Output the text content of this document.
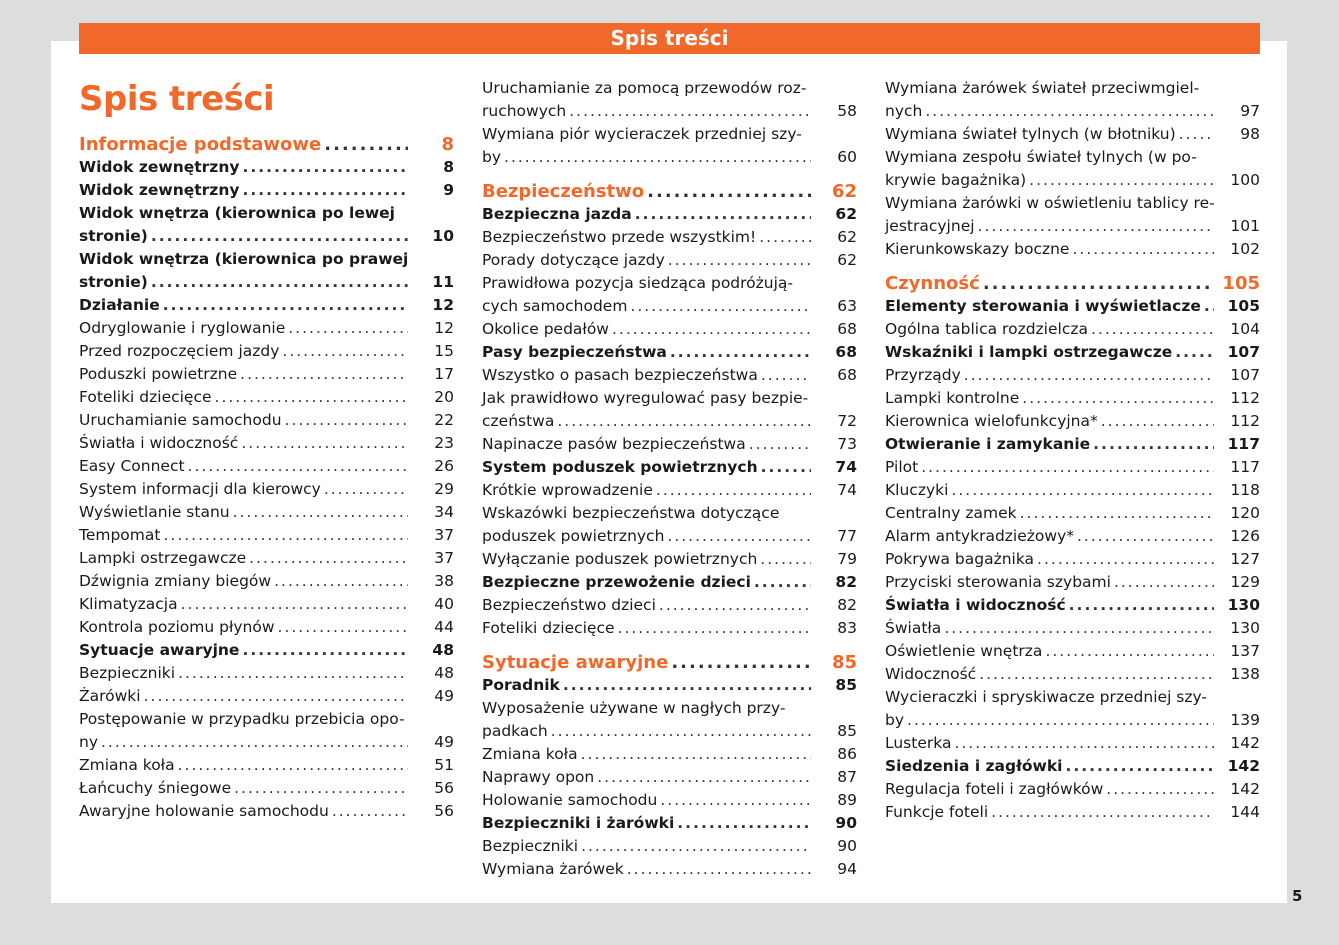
Spis treści
Spis treści
Informacje podstawowe .....	8
Widok zewnętrzny .....	8
Widok zewnętrzny .....	9
Widok wnętrza (kierownica po lewej
stronie) .....	10
Widok wnętrza (kierownica po prawej
stronie) .....	11
Działanie .....	12
Odryglowanie i ryglowanie .....	12
Przed rozpoczęciem jazdy .....	15
Poduszki powietrzne .....	17
Foteliki dziecięce .....	20
Uruchamianie samochodu .....	22
Światła i widoczność .....	23
Easy Connect .....	26
System informacji dla kierowcy .....	29
Wyświetlanie stanu .....	34
Tempomat .....	37
Lampki ostrzegawcze .....	37
Dźwignia zmiany biegów .....	38
Klimatyzacja .....	40
Kontrola poziomu płynów .....	44
Sytuacje awaryjne .....	48
Bezpieczniki .....	48
Żarówki .....	49
Postępowanie w przypadku przebicia opo-
ny .....	49
Zmiana koła .....	51
Łańcuchy śniegowe .....	56
Awaryjne holowanie samochodu .....	56
Uruchamianie za pomocą przewodów roz-
ruchowych .....	58
Wymiana piór wycieraczek przedniej szy-
by .....	60
Bezpieczeństwo .....	62
Bezpieczna jazda .....	62
Bezpieczeństwo przede wszystkim! .....	62
Porady dotyczące jazdy .....	62
Prawidłowa pozycja siedząca podróżują-
cych samochodem .....	63
Okolice pedałów .....	68
Pasy bezpieczeństwa .....	68
Wszystko o pasach bezpieczeństwa .....	68
Jak prawidłowo wyregulować pasy bezpie-
czeństwa .....	72
Napinacze pasów bezpieczeństwa .....	73
System poduszek powietrznych .....	74
Krótkie wprowadzenie .....	74
Wskazówki bezpieczeństwa dotyczące
poduszek powietrznych .....	77
Wyłączanie poduszek powietrznych .....	79
Bezpieczne przewożenie dzieci .....	82
Bezpieczeństwo dzieci .....	82
Foteliki dziecięce .....	83
Sytuacje awaryjne .....	85
Poradnik .....	85
Wyposażenie używane w nagłych przy-
padkach .....	85
Zmiana koła .....	86
Naprawy opon .....	87
Holowanie samochodu .....	89
Bezpieczniki i żarówki .....	90
Bezpieczniki .....	90
Wymiana żarówek .....	94
Wymiana żarówek świateł przeciwmgiel-
nych .....	97
Wymiana świateł tylnych (w błotniku) .....	98
Wymiana zespołu świateł tylnych (w po-
krywie bagażnika) .....	100
Wymiana żarówki w oświetleniu tablicy re-
jestracyjnej .....	101
Kierunkowskazy boczne .....	102
Czynność .....	105
Elementy sterowania i wyświetlacze .....	105
Ogólna tablica rozdzielcza .....	104
Wskaźniki i lampki ostrzegawcze .....	107
Przyrządy .....	107
Lampki kontrolne .....	112
Kierownica wielofunkcyjna* .....	112
Otwieranie i zamykanie .....	117
Pilot .....	117
Kluczyki .....	118
Centralny zamek .....	120
Alarm antykradzieżowy* .....	126
Pokrywa bagażnika .....	127
Przyciski sterowania szybami .....	129
Światła i widoczność .....	130
Światła .....	130
Oświetlenie wnętrza .....	137
Widoczność .....	138
Wycieraczki i spryskiwacze przedniej szy-
by .....	139
Lusterka .....	142
Siedzenia i zagłówki .....	142
Regulacja foteli i zagłówków .....	142
Funkcje foteli .....	144
5
